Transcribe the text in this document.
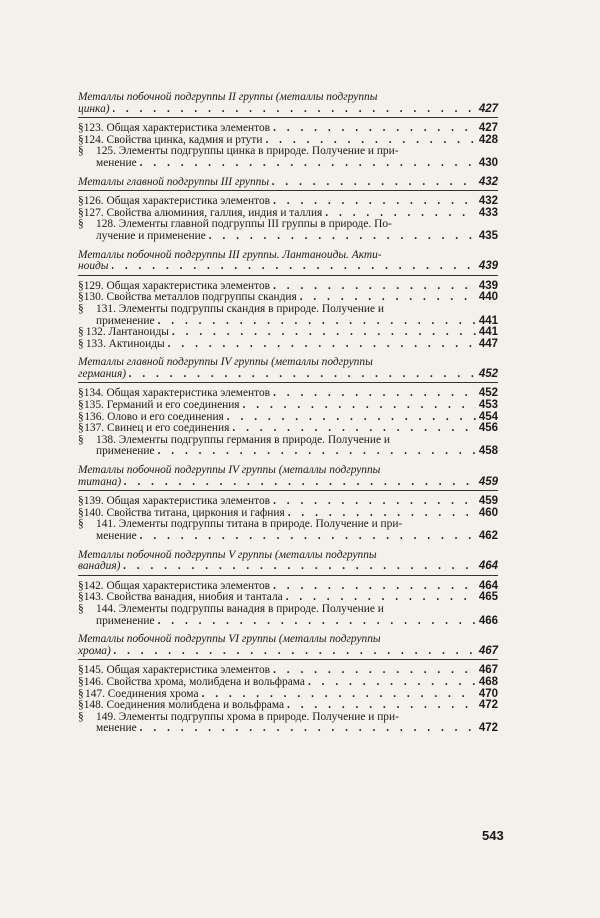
Металлы побочной подгруппы II группы (металлы подгруппы
цинка) . . .	427
§ 123. Общая характеристика элементов . . .	427
§ 124. Свойства цинка, кадмия и ртути . . .	428
§ 125. Элементы подгруппы цинка в природе. Получение и при-
менение . . .	430
Металлы главной подгруппы III группы . . .	432
§ 126. Общая характеристика элементов . . .	432
§ 127. Свойства алюминия, галлия, индия и таллия . . .	433
§ 128. Элементы главной подгруппы III группы в природе. По-
лучение и применение . . .	435
Металлы побочной подгруппы III группы. Лантаноиды. Акти-
ноиды . . .	439
§ 129. Общая характеристика элементов . . .	439
§ 130. Свойства металлов подгруппы скандия . . .	440
§ 131. Элементы подгруппы скандия в природе. Получение и
применение . . .	441
§ 132. Лантаноиды . . .	441
§ 133. Актиноиды . . .	447
Металлы главной подгруппы IV группы (металлы подгруппы
германия) . . .	452
§ 134. Общая характеристика элементов . . .	452
§ 135. Германий и его соединения . . .	453
§ 136. Олово и его соединения . . .	454
§ 137. Свинец и его соединения . . .	456
§ 138. Элементы подгруппы германия в природе. Получение и
применение . . .	458
Металлы побочной подгруппы IV группы (металлы подгруппы
титана) . . .	459
§ 139. Общая характеристика элементов . . .	459
§ 140. Свойства титана, циркония и гафния . . .	460
§ 141. Элементы подгруппы титана в природе. Получение и при-
менение . . .	462
Металлы побочной подгруппы V группы (металлы подгруппы
ванадия) . . .	464
§ 142. Общая характеристика элементов . . .	464
§ 143. Свойства ванадия, ниобия и тантала . . .	465
§ 144. Элементы подгруппы ванадия в природе. Получение и
применение . . .	466
Металлы побочной подгруппы VI группы (металлы подгруппы
хрома) . . .	467
§ 145. Общая характеристика элементов . . .	467
§ 146. Свойства хрома, молибдена и вольфрама . . .	468
§ 147. Соединения хрома . . .	470
§ 148. Соединения молибдена и вольфрама . . .	472
§ 149. Элементы подгруппы хрома в природе. Получение и при-
менение . . .	472
543
